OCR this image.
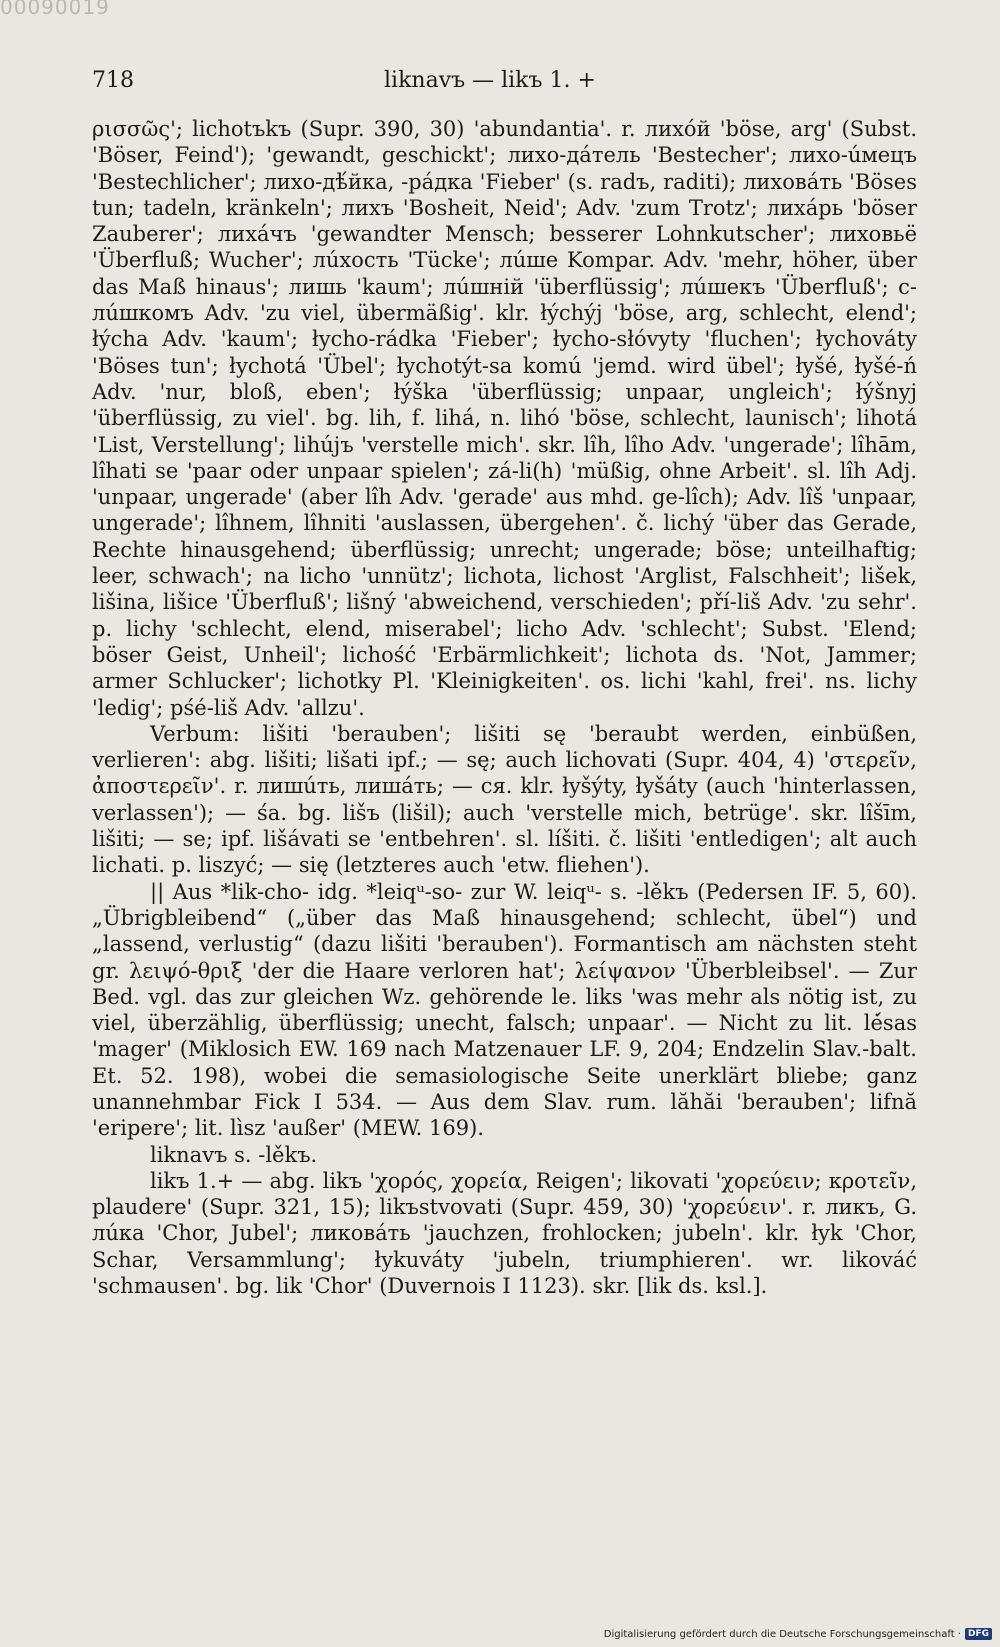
00090019
718	liknavъ — likъ 1. +

ρισσῶς'; lichotъkъ (Supr. 390, 30) 'abundantia'. r. лихóй 'böse, arg' (Subst. 'Böser, Feind'); 'gewandt, geschickt'; лихо-дáтель 'Bestecher'; лихо-úмецъ 'Bestechlicher'; лихо-дѣ́йка, -рáдка 'Fieber' (s. radъ, raditi); лиховáть 'Böses tun; tadeln, kränkeln'; лихъ 'Bosheit, Neid'; Adv. 'zum Trotz'; лихáрь 'böser Zauberer'; лихáчъ 'gewandter Mensch; besserer Lohnkutscher'; лиховьё 'Überfluß; Wucher'; лúхость 'Tücke'; лúше Kompar. Adv. 'mehr, höher, über das Maß hinaus'; лишь 'kaum'; лúшній 'überflüssig'; лúшекъ 'Überfluß'; с-лúшкомъ Adv. 'zu viel, übermäßig'. klr. łýchýj 'böse, arg, schlecht, elend'; łýcha Adv. 'kaum'; łycho-rádka 'Fieber'; łycho-słóvyty 'fluchen'; łychováty 'Böses tun'; łychotá 'Übel'; łychotýt-sa komú 'jemd. wird übel'; łyšé, łyšé-ń Adv. 'nur, bloß, eben'; łýška 'überflüssig; unpaar, ungleich'; łýšnyj 'überflüssig, zu viel'. bg. lih, f. lihá, n. lihó 'böse, schlecht, launisch'; lihotá 'List, Verstellung'; lihújъ 'verstelle mich'. skr. lîh, lîho Adv. 'ungerade'; lîhām, lîhati se 'paar oder unpaar spielen'; zá-li(h) 'müßig, ohne Arbeit'. sl. lîh Adj. 'unpaar, ungerade' (aber lîh Adv. 'gerade' aus mhd. ge-lîch); Adv. lîš 'unpaar, ungerade'; lîhnem, lîhniti 'auslassen, übergehen'. č. lichý 'über das Gerade, Rechte hinausgehend; überflüssig; unrecht; ungerade; böse; unteilhaftig; leer, schwach'; na licho 'unnütz'; lichota, lichost 'Arglist, Falschheit'; lišek, lišina, lišice 'Überfluß'; lišný 'abweichend, verschieden'; pří-liš Adv. 'zu sehr'. p. lichy 'schlecht, elend, miserabel'; licho Adv. 'schlecht'; Subst. 'Elend; böser Geist, Unheil'; lichość 'Erbärmlichkeit'; lichota ds. 'Not, Jammer; armer Schlucker'; lichotky Pl. 'Kleinigkeiten'. os. lichi 'kahl, frei'. ns. lichy 'ledig'; pśé-liš Adv. 'allzu'.

Verbum: lišiti 'berauben'; lišiti sę 'beraubt werden, einbüßen, verlieren': abg. lišiti; lišati ipf.; — sę; auch lichovati (Supr. 404, 4) 'στερεῖν, ἀποστερεῖν'. r. лишúть, лишáть; — ся. klr. łyšýty, łyšáty (auch 'hinterlassen, verlassen'); — śa. bg. lišъ (lišil); auch 'verstelle mich, betrüge'. skr. lîšīm, lišiti; — se; ipf. lišávati se 'entbehren'. sl. líšiti. č. lišiti 'entledigen'; alt auch lichati. p. liszyć; — się (letzteres auch 'etw. fliehen').

|| Aus *lik-cho- idg. *leiqᵘ-so- zur W. leiqᵘ- s. -lěkъ (Pedersen IF. 5, 60). „Übrigbleibend“ („über das Maß hinausgehend; schlecht, übel“) und „lassend, verlustig“ (dazu lišiti 'berauben'). Formantisch am nächsten steht gr. λειψό-θριξ 'der die Haare verloren hat'; λείψανον 'Überbleibsel'. — Zur Bed. vgl. das zur gleichen Wz. gehörende le. liks 'was mehr als nötig ist, zu viel, überzählig, überflüssig; unecht, falsch; unpaar'. — Nicht zu lit. lė́sas 'mager' (Miklosich EW. 169 nach Matzenauer LF. 9, 204; Endzelin Slav.-balt. Et. 52. 198), wobei die semasiologische Seite unerklärt bliebe; ganz unannehmbar Fick I 534. — Aus dem Slav. rum. lăhăi 'berauben'; lifnă 'eripere'; lit. lìsz 'außer' (MEW. 169).

liknavъ s. -lěkъ.

likъ 1.+ — abg. likъ 'χορός, χορεία, Reigen'; likovati 'χορεύειν; κροτεῖν, plaudere' (Supr. 321, 15); likъstvovati (Supr. 459, 30) 'χορεύειν'. r. ликъ, G. лúка 'Chor, Jubel'; ликовáть 'jauchzen, frohlocken; jubeln'. klr. łyk 'Chor, Schar, Versammlung'; łykuváty 'jubeln, triumphieren'. wr. likováć 'schmausen'. bg. lik 'Chor' (Duvernois I 1123). skr. [lik ds. ksl.].

Digitalisierung gefördert durch die Deutsche Forschungsgemeinschaft · DFG
